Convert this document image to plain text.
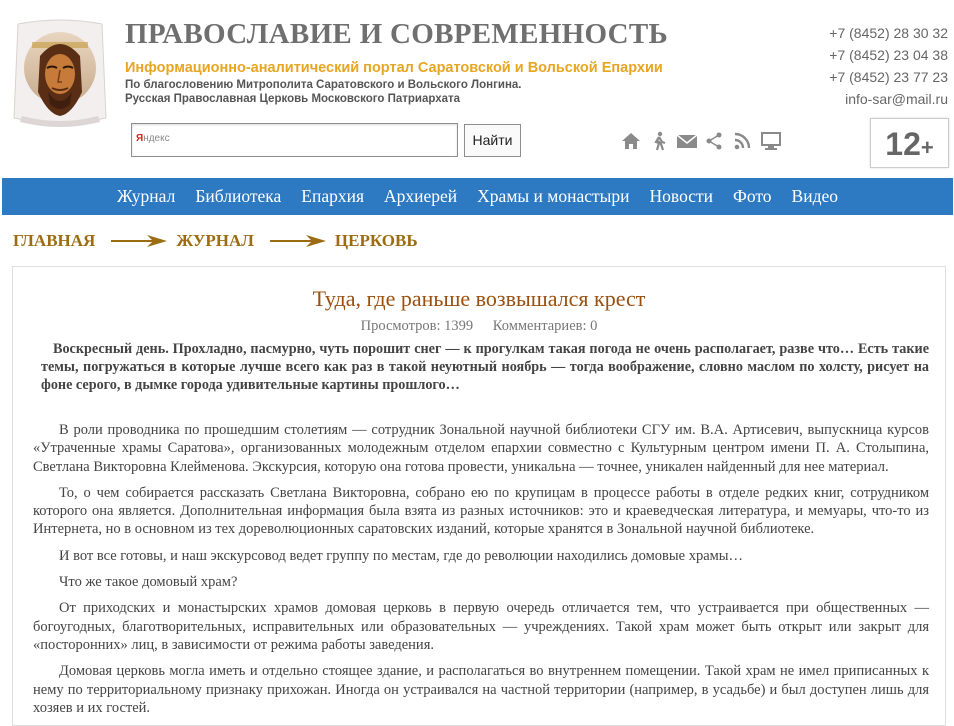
ПРАВОСЛАВИЕ И СОВРЕМЕННОСТЬ
Информационно-аналитический портал Саратовской и Вольской Епархии
По благословению Митрополита Саратовского и Вольского Лонгина.
Русская Православная Церковь Московского Патриархата
+7 (8452) 28 30 32
+7 (8452) 23 04 38
+7 (8452) 23 77 23
info-sar@mail.ru
Яндекс	Найти	12+
Журнал Библиотека Епархия Архиерей Храмы и монастыри Новости Фото Видео
ГЛАВНАЯ	ЖУРНАЛ	ЦЕРКОВЬ
Туда, где раньше возвышался крест
Просмотров: 1399 Комментариев: 0
Воскресный день. Прохладно, пасмурно, чуть порошит снег — к прогулкам такая погода не очень располагает, разве что… Есть такие темы, погружаться в которые лучше всего как раз в такой неуютный ноябрь — тогда воображение, словно маслом по холсту, рисует на фоне серого, в дымке города удивительные картины прошлого…

В роли проводника по прошедшим столетиям — сотрудник Зональной научной библиотеки СГУ им. В.А. Артисевич, выпускница курсов «Утраченные храмы Саратова», организованных молодежным отделом епархии совместно с Культурным центром имени П. А. Столыпина, Светлана Викторовна Клейменова. Экскурсия, которую она готова провести, уникальна — точнее, уникален найденный для нее материал.

То, о чем собирается рассказать Светлана Викторовна, собрано ею по крупицам в процессе работы в отделе редких книг, сотрудником которого она является. Дополнительная информация была взята из разных источников: это и краеведческая литература, и мемуары, что-то из Интернета, но в основном из тех дореволюционных саратовских изданий, которые хранятся в Зональной научной библиотеке.

И вот все готовы, и наш экскурсовод ведет группу по местам, где до революции находились домовые храмы…

Что же такое домовый храм?

От приходских и монастырских храмов домовая церковь в первую очередь отличается тем, что устраивается при общественных — богоугодных, благотворительных, исправительных или образовательных — учреждениях. Такой храм может быть открыт или закрыт для «посторонних» лиц, в зависимости от режима работы заведения.

Домовая церковь могла иметь и отдельно стоящее здание, и располагаться во внутреннем помещении. Такой храм не имел приписанных к нему по территориальному признаку прихожан. Иногда он устраивался на частной территории (например, в усадьбе) и был доступен лишь для хозяев и их гостей.
